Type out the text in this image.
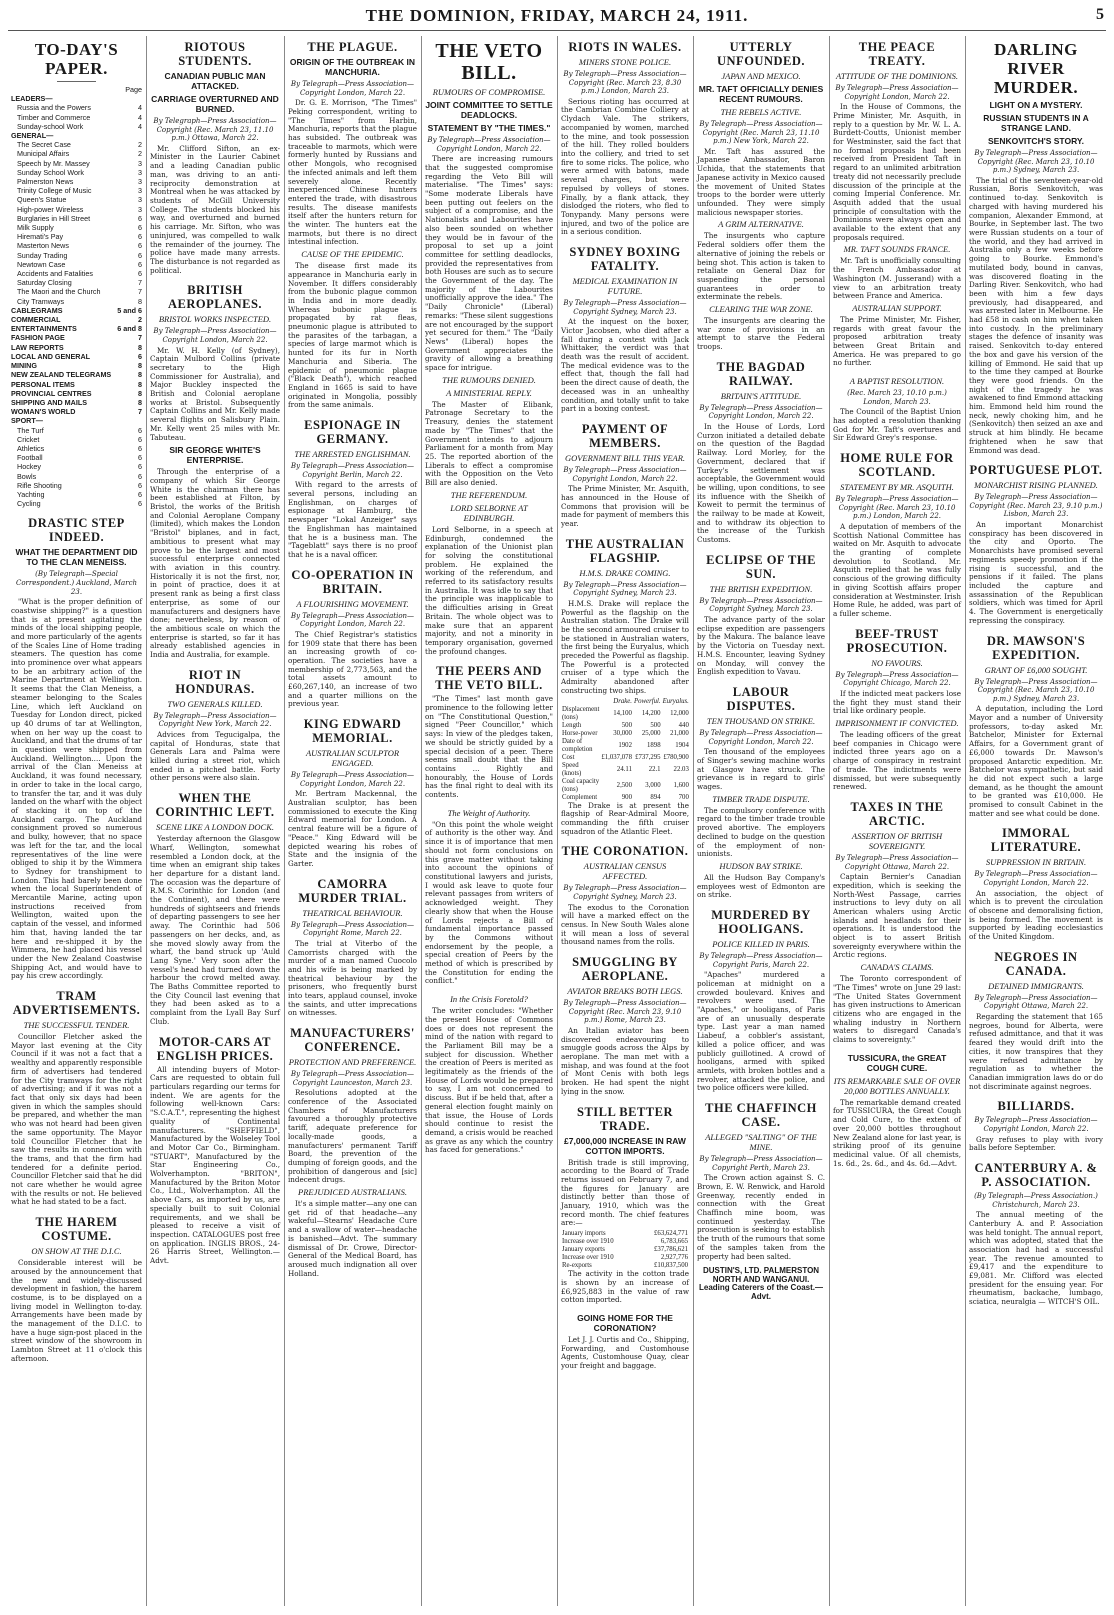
THE DOMINION, FRIDAY, MARCH 24, 1911.	5
TO-DAY'S PAPER.
Page
LEADERS—
Russia and the Powers	4
Timber and Commerce	4
Sunday-school Work	4
GENERAL—
The Secret Case	2
Municipal Affairs	2
Speech by Mr. Massey	3
Sunday School Work	3
Palmerston News	3
Trinity College of Music	3
Queen's Statue	3
High-power Wireless	3
Burglaries in Hill Street	6
Milk Supply	6
Hiremati's Pay	6
Masterton News	6
Sunday Trading	6
Newtown Case	6
Accidents and Fatalities	6
Saturday Closing	7
The Maori and the Church	7
City Tramways	8
CABLEGRAMS	5 and 6
COMMERCIAL	2
ENTERTAINMENTS	6 and 8
FASHION PAGE	7
LAW REPORTS	8
LOCAL AND GENERAL	6
MINING	8
NEW ZEALAND TELEGRAMS	8
PERSONAL ITEMS	8
PROVINCIAL CENTRES	8
SHIPPING AND MAILS	8
WOMAN'S WORLD	7
SPORT—
The Turf	6
Cricket	6
Athletics	6
Football	6
Hockey	6
Bowls	6
Rifle Shooting	6
Yachting	6
Cycling	6
DRASTIC STEP INDEED.
WHAT THE DEPARTMENT DID TO THE CLAN MENEISS.
(By Telegraph—Special Correspondent.) Auckland, March 23.

"What is the proper definition of coastwise shipping?" is a question that is at present agitating the minds of the local shipping people, and more particularly of the agents of the Scales Line of Home trading steamers. The question has come into prominence over what appears to be an arbitrary action of the Marine Department at Wellington. It seems that the Clan Meneiss, a steamer belonging to the Scales Line, which left Auckland on Tuesday for London direct, picked up 40 drums of tar at Wellington, when on her way up the coast to Auckland, and that the drums of tar in question were shipped from Auckland. Wellington.... Upon the arrival of the Clan Meneiss at Auckland, it was found necessary, in order to take in the local cargo, to transfer the tar, and it was duly landed on the wharf with the object of stacking it on top of the Auckland cargo. The Auckland consignment proved so numerous and bulky, however, that no space was left for the tar, and the local representatives of the line were obliged to ship it by the Wimmera to Sydney for transhipment to London. This had barely been done when the local Superintendent of Mercantile Marine, acting upon instructions received from Wellington, waited upon the captain of the vessel, and informed him that, having landed the tar here and re-shipped it by the Wimmera, he had placed his vessel under the New Zealand Coastwise Shipping Act, and would have to pay his crew accordingly.

TRAM ADVERTISEMENTS.
THE SUCCESSFUL TENDER.

Councillor Fletcher asked the Mayor last evening at the City Council if it was not a fact that a wealthy and apparently responsible firm of advertisers had tendered for the City tramways for the right of advertising; and if it was not a fact that only six days had been given in which the samples should be prepared, and whether the man who was not heard had been given the same opportunity. The Mayor told Councillor Fletcher that he saw the results in connection with the trams, and that the firm had tendered for a definite period. Councillor Fletcher said that he did not care whether he would agree with the results or not. He believed what he had stated to be a fact.

THE HAREM COSTUME.
ON SHOW AT THE D.I.C.

Considerable interest will be aroused by the announcement that the new and widely-discussed development in fashion, the harem costume, is to be displayed on a living model in Wellington to-day. Arrangements have been made by the management of the D.I.C. to have a huge sign-post placed in the street window of the showroom in Lambton Street at 11 o'clock this afternoon.

RIOTOUS STUDENTS.
CANADIAN PUBLIC MAN ATTACKED.
CARRIAGE OVERTURNED AND BURNED.
By Telegraph—Press Association—Copyright (Rec. March 23, 11.10 p.m.) Ottawa, March 22.

Mr. Clifford Sifton, an ex-Minister in the Laurier Cabinet and a leading Canadian public man, was driving to an anti-reciprocity demonstration at Montreal when he was attacked by students of McGill University College. The students blocked his way, and overturned and burned his carriage. Mr. Sifton, who was uninjured, was compelled to walk the remainder of the journey. The police have made many arrests. The disturbance is not regarded as political.

BRITISH AEROPLANES.
BRISTOL WORKS INSPECTED.
By Telegraph—Press Association—Copyright London, March 22.

Mr. W. H. Kelly (of Sydney), Captain Mulbord Collins (private secretary to the High Commissioner for Australia), and Major Buckley inspected the British and Colonial aeroplane works at Bristol. Subsequently Captain Collins and Mr. Kelly made several flights on Salisbury Plain. Mr. Kelly went 25 miles with Mr. Tabuteau.

SIR GEORGE WHITE'S ENTERPRISE.

Through the enterprise of a company of which Sir George White is the chairman there has been established at Filton, by Bristol, the works of the British and Colonial Aeroplane Company (limited), which makes the London "Bristol" biplanes, and in fact, ambitious to present what may prove to be the largest and most successful enterprise connected with aviation in this country. Historically it is not the first, nor, in point of practice, does it at present rank as being a first class enterprise, as some of our manufacturers and designers have done; nevertheless, by reason of the ambitious scale on which the enterprise is started, so far it has already established agencies in India and Australia, for example.

RIOT IN HONDURAS.
TWO GENERALS KILLED.
By Telegraph—Press Association—Copyright New York, March 22.

Advices from Tegucigalpa, the capital of Honduras, state that Generals Lara and Palma were killed during a street riot, which ended in a pitched battle. Forty other persons were also slain.

WHEN THE CORINTHIC LEFT.
SCENE LIKE A LONDON DOCK.

Yesterday afternoon the Glasgow Wharf, Wellington, somewhat resembled a London dock, at the time when an emigrant ship takes her departure for a distant land. The occasion was the departure of R.M.S. Corinthic for London (and the Continent), and there were hundreds of sightseers and friends of departing passengers to see her away. The Corinthic had 506 passengers on her decks, and, as she moved slowly away from the wharf, the band struck up 'Auld Lang Syne.' Very soon after the vessel's head had turned down the harbour the crowd melted away. The Baths Committee reported to the City Council last evening that they had been asked as to a complaint from the Lyall Bay Surf Club.

MOTOR-CARS AT ENGLISH PRICES.

All intending buyers of Motor-Cars are requested to obtain full particulars regarding our terms for indent. We are agents for the following well-known Cars: "S.C.A.T.", representing the highest quality of Continental manufacturers. "SHEFFIELD", Manufactured by the Wolseley Tool and Motor Car Co., Birmingham. "STUART", Manufactured by the Star Engineering Co., Wolverhampton. "BRITON", Manufactured by the Briton Motor Co., Ltd., Wolverhampton. All the above Cars, as imported by us, are specially built to suit Colonial requirements, and we shall be pleased to receive a visit of inspection. CATALOGUES post free on application. INGLIS BROS., 24-26 Harris Street, Wellington.—Advt.

THE PLAGUE.
ORIGIN OF THE OUTBREAK IN MANCHURIA.
By Telegraph—Press Association—Copyright London, March 22.

Dr. G. E. Morrison, "The Times" Peking correspondent, writing to "The Times" from Harbin, Manchuria, reports that the plague has subsided. The outbreak was traceable to marmots, which were formerly hunted by Russians and other Mongols, who recognised the infected animals and left them severely alone. Recently inexperienced Chinese hunters entered the trade, with disastrous results. The disease manifests itself after the hunters return for the winter. The hunters eat the marmots, but there is no direct intestinal infection.

CAUSE OF THE EPIDEMIC.

The disease first made its appearance in Manchuria early in November. It differs considerably from the bubonic plague common in India and in more deadly. Whereas bubonic plague is propagated by rat fleas, pneumonic plague is attributed to the parasites of the tarbagan, a species of large marmot which is hunted for its fur in North Manchuria and Siberia. The epidemic of pneumonic plague ("Black Death"), which reached England in 1665 is said to have originated in Mongolia, possibly from the same animals.

ESPIONAGE IN GERMANY.
THE ARRESTED ENGLISHMAN.
By Telegraph—Press Association—Copyright Berlin, March 22.

With regard to the arrests of several persons, including an Englishman, on charges of espionage at Hamburg, the newspaper "Lokal Anzeiger" says the Englishman has maintained that he is a business man. The "Tageblatt" says there is no proof that he is a naval officer.

CO-OPERATION IN BRITAIN.
A FLOURISHING MOVEMENT.
By Telegraph—Press Association—Copyright London, March 22.

The Chief Registrar's statistics for 1909 state that there has been an increasing growth of co-operation. The societies have a membership of 2,773,563, and the total assets amount to £60,267,140, an increase of two and a quarter millions on the previous year.

KING EDWARD MEMORIAL.
AUSTRALIAN SCULPTOR ENGAGED.
By Telegraph—Press Association—Copyright London, March 22.

Mr. Bertram Mackennal, the Australian sculptor, has been commissioned to execute the King Edward memorial for London. A central feature will be a figure of "Peace." King Edward will be depicted wearing his robes of State and the insignia of the Garter.

CAMORRA MURDER TRIAL.
THEATRICAL BEHAVIOUR.
By Telegraph—Press Association—Copyright Rome, March 22.

The trial at Viterbo of the Camorrists charged with the murder of a man named Cuocolo and his wife is being marked by theatrical behaviour by the prisoners, who frequently burst into tears, applaud counsel, invoke the saints, and utter imprecations on witnesses.

MANUFACTURERS' CONFERENCE.
PROTECTION AND PREFERENCE.
By Telegraph—Press Association—Copyright Launceston, March 23.

Resolutions adopted at the conference of the Associated Chambers of Manufacturers favoured a thoroughly protective tariff, adequate preference for locally-made goods, a manufacturers' permanent Tariff Board, the prevention of the dumping of foreign goods, and the prohibition of dangerous and [sic] indecent drugs.

PREJUDICED AUSTRALIANS.

It's a simple matter—any one can get rid of that headache—any wakeful—Stearns' Headache Cure and a swallow of water—headache is banished—Advt. The summary dismissal of Dr. Crowe, Director-General of the Medical Board, has aroused much indignation all over Holland.

THE VETO BILL.
RUMOURS OF COMPROMISE.
JOINT COMMITTEE TO SETTLE DEADLOCKS.
STATEMENT BY "THE TIMES."
By Telegraph—Press Association—Copyright London, March 22.

There are increasing rumours that the suggested compromise regarding the Veto Bill will materialise. "The Times" says: "Some moderate Liberals have been putting out feelers on the subject of a compromise, and the Nationalists and Labourites have also been sounded on whether they would be in favour of the proposal to set up a joint committee for settling deadlocks, provided the representatives from both Houses are such as to secure the Government of the day. The majority of the Labourites unofficially approve the idea." The "Daily Chronicle" (Liberal) remarks: "These silent suggestions are not encouraged by the support yet secured for them." The "Daily News" (Liberal) hopes the Government appreciates the gravity of allowing a breathing space for intrigue.

THE RUMOURS DENIED.
A MINISTERIAL REPLY.

The Master of Elibank, Patronage Secretary to the Treasury, denies the statement made by "The Times" that the Government intends to adjourn Parliament for a month from May 25. The reported abortion of the Liberals to effect a compromise with the Opposition on the Veto Bill are also denied.

THE REFERENDUM.
LORD SELBORNE AT EDINBURGH.

Lord Selborne, in a speech at Edinburgh, condemned the explanation of the Unionist plan for solving the constitutional problem. He explained the working of the referendum, and referred to its satisfactory results in Australia. It was idle to say that the principle was inapplicable to the difficulties arising in Great Britain. The whole object was to make sure that an apparent majority, and not a minority in temporary organisation, governed the profound changes.

THE PEERS AND THE VETO BILL.

"The Times" last month gave prominence to the following letter on "The Constitutional Question," signed "Peer Councillor," which says: In view of the pledges taken, we should be strictly guided by a special decision of a peer. There seems small doubt that the Bill contains ... Rightly and honourably, the House of Lords has the final right to deal with its contents.

The Weight of Authority.

"On this point the whole weight of authority is the other way. And since it is of importance that men should not form conclusions on this grave matter without taking into account the opinions of constitutional lawyers and jurists, I would ask leave to quote four relevant passages from writers of acknowledged weight. They clearly show that when the House of Lords rejects a Bill of fundamental importance passed by the Commons without endorsement by the people, a special creation of Peers by the method of which is prescribed by the Constitution for ending the conflict."

In the Crisis Foretold?

The writer concludes: "Whether the present House of Commons does or does not represent the mind of the nation with regard to the Parliament Bill may be a subject for discussion. Whether the creation of Peers is merited as legitimately as the friends of the House of Lords would be prepared to say, I am not concerned to discuss. But if be held that, after a general election fought mainly on that issue, the House of Lords should continue to resist the demand, a crisis would be reached as grave as any which the country has faced for generations."

RIOTS IN WALES.
MINERS STONE POLICE.
By Telegraph—Press Association—Copyright (Rec. March 23, 8.30 p.m.) London, March 23.

Serious rioting has occurred at the Cambrian Combine Colliery at Clydach Vale. The strikers, accompanied by women, marched to the mine, and took possession of the hill. They rolled boulders into the colliery, and tried to set fire to some ricks. The police, who were armed with batons, made several charges, but were repulsed by volleys of stones. Finally, by a flank attack, they dislodged the rioters, who fled to Tonypandy. Many persons were injured, and two of the police are in a serious condition.

SYDNEY BOXING FATALITY.
MEDICAL EXAMINATION IN FUTURE.
By Telegraph—Press Association—Copyright Sydney, March 23.

At the inquest on the boxer, Victor Jacobsen, who died after a fall during a contest with Jack Whittaker, the verdict was that death was the result of accident. The medical evidence was to the effect that, though the fall had been the direct cause of death, the deceased was in an unhealthy condition, and totally unfit to take part in a boxing contest.

PAYMENT OF MEMBERS.
GOVERNMENT BILL THIS YEAR.
By Telegraph—Press Association—Copyright London, March 22.

The Prime Minister, Mr. Asquith, has announced in the House of Commons that provision will be made for payment of members this year.

THE AUSTRALIAN FLAGSHIP.
H.M.S. DRAKE COMING.
By Telegraph—Press Association—Copyright Sydney, March 23.

H.M.S. Drake will replace the Powerful as the flagship on the Australian station. The Drake will be the second armoured cruiser to be stationed in Australian waters, the first being the Euryalus, which preceded the Powerful as flagship. The Powerful is a protected cruiser of a type which the Admiralty abandoned after constructing two ships.

	Drake.	Powerful.	Euryalus.
Displacement (tons)	14,100	14,200	12,000
Length	500	500	440
Horse-power	30,000	25,000	21,000
Date of completion	1902	1898	1904
Cost	£1,037,078	£737,295	£780,900
Speed (knots)	24.11	22.1	22.03
Coal capacity (tons)	2,500	3,000	1,600
Complement	900	894	700

The Drake is at present the flagship of Rear-Admiral Moore, commanding the fifth cruiser squadron of the Atlantic Fleet.

THE CORONATION.
AUSTRALIAN CENSUS AFFECTED.
By Telegraph—Press Association—Copyright Sydney, March 23.

The exodus to the Coronation will have a marked effect on the census. In New South Wales alone it will mean a loss of several thousand names from the rolls.

SMUGGLING BY AEROPLANE.
AVIATOR BREAKS BOTH LEGS.
By Telegraph—Press Association—Copyright (Rec. March 23, 9.10 p.m.) Rome, March 23.

An Italian aviator has been discovered endeavouring to smuggle goods across the Alps by aeroplane. The man met with a mishap, and was found at the foot of Mont Cenis with both legs broken. He had spent the night lying in the snow.

STILL BETTER TRADE.
£7,000,000 INCREASE IN RAW COTTON IMPORTS.

British trade is still improving, according to the Board of Trade returns issued on February 7, and the figures for January are distinctly better than those of January, 1910, which was the record month. The chief features are:—

January imports	£63,624,771
Increase over 1910	6,783,665
January exports	£37,786,621
Increase over 1910	2,927,776
Re-exports	£10,837,500

The activity in the cotton trade is shown by an increase of £6,925,883 in the value of raw cotton imported.

GOING HOME FOR THE CORONATION?

Let J. J. Curtis and Co., Shipping, Forwarding, and Customhouse Agents, Customhouse Quay, clear your freight and baggage.

UTTERLY UNFOUNDED.
JAPAN AND MEXICO.
MR. TAFT OFFICIALLY DENIES RECENT RUMOURS.
THE REBELS ACTIVE.
By Telegraph—Press Association—Copyright (Rec. March 23, 11.10 p.m.) New York, March 22.

Mr. Taft has assured the Japanese Ambassador, Baron Uchida, that the statements that Japanese activity in Mexico caused the movement of United States troops to the border were utterly unfounded. They were simply malicious newspaper stories.

A GRIM ALTERNATIVE.

The insurgents who capture Federal soldiers offer them the alternative of joining the rebels or being shot. This action is taken to retaliate on General Diaz for suspending the personal guarantees in order to exterminate the rebels.

CLEARING THE WAR ZONE.

The insurgents are clearing the war zone of provisions in an attempt to starve the Federal troops.

THE BAGDAD RAILWAY.
BRITAIN'S ATTITUDE.
By Telegraph—Press Association—Copyright London, March 22.

In the House of Lords, Lord Curzon initiated a detailed debate on the question of the Bagdad Railway. Lord Morley, for the Government, declared that if Turkey's settlement was acceptable, the Government would be willing, upon conditions, to see its influence with the Sheikh of Koweit to permit the terminus of the railway to be made at Koweit, and to withdraw its objection to the increase of the Turkish Customs.

ECLIPSE OF THE SUN.
THE BRITISH EXPEDITION.
By Telegraph—Press Association—Copyright Sydney, March 23.

The advance party of the solar eclipse expedition are passengers by the Makura. The balance leave by the Victoria on Tuesday next. H.M.S. Encounter, leaving Sydney on Monday, will convey the English expedition to Vavau.

LABOUR DISPUTES.
TEN THOUSAND ON STRIKE.
By Telegraph—Press Association—Copyright London, March 22.

Ten thousand of the employees of Singer's sewing machine works at Glasgow have struck. The grievance is in regard to girls' wages.

TIMBER TRADE DISPUTE.

The compulsory conference with regard to the timber trade trouble proved abortive. The employers declined to budge on the question of the employment of non-unionists.

HUDSON BAY STRIKE.

All the Hudson Bay Company's employees west of Edmonton are on strike.

MURDERED BY HOOLIGANS.
POLICE KILLED IN PARIS.
By Telegraph—Press Association—Copyright Paris, March 22.

"Apaches" murdered a policeman at midnight on a crowded boulevard. Knives and revolvers were used. The "Apaches," or hooligans, of Paris are of an unusually desperate type. Last year a man named Liabeuf, a cobbler's assistant, killed a police officer, and was publicly guillotined. A crowd of hooligans, armed with spiked armlets, with broken bottles and a revolver, attacked the police, and two police officers were killed.

THE CHAFFINCH CASE.
ALLEGED "SALTING" OF THE MINE.
By Telegraph—Press Association—Copyright Perth, March 23.

The Crown action against S. C. Brown, E. W. Renwick, and Harold Greenway, recently ended in connection with the Great Chaffinch mine boom, was continued yesterday. The prosecution is seeking to establish the truth of the rumours that some of the samples taken from the property had been salted.

DUSTIN'S, LTD. PALMERSTON NORTH AND WANGANUI. Leading Caterers of the Coast.—Advt.
THE PEACE TREATY.
ATTITUDE OF THE DOMINIONS.
By Telegraph—Press Association—Copyright London, March 22.

In the House of Commons, the Prime Minister, Mr. Asquith, in reply to a question by Mr. W. L. A. Burdett-Coutts, Unionist member for Westminster, said the fact that no formal proposals had been received from President Taft in regard to an unlimited arbitration treaty did not necessarily preclude discussion of the principle at the coming Imperial Conference. Mr. Asquith added that the usual principle of consultation with the Dominions were always open and available to the extent that any proposals required.

MR. TAFT SOUNDS FRANCE.

Mr. Taft is unofficially consulting the French Ambassador at Washington (M. Jusserand) with a view to an arbitration treaty between France and America.

AUSTRALIAN SUPPORT.

The Prime Minister, Mr. Fisher, regards with great favour the proposed arbitration treaty between Great Britain and America. He was prepared to go no further.

A BAPTIST RESOLUTION.
(Rec. March 23, 10.10 p.m.) London, March 23.

The Council of the Baptist Union has adopted a resolution thanking God for Mr. Taft's overtures and Sir Edward Grey's response.

HOME RULE FOR SCOTLAND.
STATEMENT BY MR. ASQUITH.
By Telegraph—Press Association—Copyright (Rec. March 23, 10.10 p.m.) London, March 22.

A deputation of members of the Scottish National Committee has waited on Mr. Asquith to advocate the granting of complete devolution to Scotland. Mr. Asquith replied that he was fully conscious of the growing difficulty in giving Scottish affairs proper consideration at Westminster. Irish Home Rule, he added, was part of a fuller scheme.

BEEF-TRUST PROSECUTION.
NO FAVOURS.
By Telegraph—Press Association—Copyright Chicago, March 22.

If the indicted meat packers lose the fight they must stand their trial like ordinary people.

IMPRISONMENT IF CONVICTED.

The leading officers of the great beef companies in Chicago were indicted three years ago on a charge of conspiracy in restraint of trade. The indictments were dismissed, but were subsequently renewed.

TAXES IN THE ARCTIC.
ASSERTION OF BRITISH SOVEREIGNTY.
By Telegraph—Press Association—Copyright Ottawa, March 22.

Captain Bernier's Canadian expedition, which is seeking the North-West Passage, carries instructions to levy duty on all American whalers using Arctic islands and headlands for their operations. It is understood the object is to assert British sovereignty everywhere within the Arctic regions.

CANADA'S CLAIMS.

The Toronto correspondent of "The Times" wrote on June 29 last: "The United States Government has given instructions to American citizens who are engaged in the whaling industry in Northern waters to disregard Canada's claims to sovereignty."

TUSSICURA, the GREAT COUGH CURE.
ITS REMARKABLE SALE OF OVER 20,000 BOTTLES ANNUALLY.

The remarkable demand created for TUSSICURA, the Great Cough and Cold Cure, to the extent of over 20,000 bottles throughout New Zealand alone for last year, is striking proof of its genuine medicinal value. Of all chemists, 1s. 6d., 2s. 6d., and 4s. 6d.—Advt.

DARLING RIVER MURDER.
LIGHT ON A MYSTERY.
RUSSIAN STUDENTS IN A STRANGE LAND.
SENKOVITCH'S STORY.
By Telegraph—Press Association—Copyright (Rec. March 23, 10.10 p.m.) Sydney, March 23.

The trial of the seventeen-year-old Russian, Boris Senkovitch, was continued to-day. Senkovitch is charged with having murdered his companion, Alexander Emmond, at Bourke, in September last. The two were Russian students on a tour of the world, and they had arrived in Australia only a few weeks before going to Bourke. Emmond's mutilated body, bound in canvas, was discovered floating in the Darling River. Senkovitch, who had been with him a few days previously, had disappeared, and was arrested later in Melbourne. He had £58 in cash on him when taken into custody. In the preliminary stages the defence of insanity was raised. Senkovitch to-day entered the box and gave his version of the killing of Emmond. He said that up to the time they camped at Bourke they were good friends. On the night of the tragedy he was awakened to find Emmond attacking him. Emmond held him round the neck, newly choking him, and he (Senkovitch) then seized an axe and struck at him blindly. He became frightened when he saw that Emmond was dead.

PORTUGUESE PLOT.
MONARCHIST RISING PLANNED.
By Telegraph—Press Association—Copyright (Rec. March 23, 9.10 p.m.) Lisbon, March 23.

An important Monarchist conspiracy has been discovered in the city and Oporto. The Monarchists have promised several regiments speedy promotion if the rising is successful, and the pensions if it failed. The plans included the capture and assassination of the Republican soldiers, which was timed for April 4. The Government is energetically repressing the conspiracy.

DR. MAWSON'S EXPEDITION.
GRANT OF £6,000 SOUGHT.
By Telegraph—Press Association—Copyright (Rec. March 23, 10.10 p.m.) Sydney, March 23.

A deputation, including the Lord Mayor and a number of University professors, to-day asked Mr. Batchelor, Minister for External Affairs, for a Government grant of £6,000 towards Dr. Mawson's proposed Antarctic expedition. Mr. Batchelor was sympathetic, but said he did not expect such a large demand, as he thought the amount to be granted was £10,000. He promised to consult Cabinet in the matter and see what could be done.

IMMORAL LITERATURE.
SUPPRESSION IN BRITAIN.
By Telegraph—Press Association—Copyright London, March 22.

An association, the object of which is to prevent the circulation of obscene and demoralising fiction, is being formed. The movement is supported by leading ecclesiastics of the United Kingdom.

NEGROES IN CANADA.
DETAINED IMMIGRANTS.
By Telegraph—Press Association—Copyright Ottawa, March 22.

Regarding the statement that 165 negroes, bound for Alberta, were refused admittance, and that it was feared they would drift into the cities, it now transpires that they were refused admittance by regulation as to whether the Canadian immigration laws do or do not discriminate against negroes.

BILLIARDS.
By Telegraph—Press Association—Copyright London, March 22.

Gray refuses to play with ivory balls before September.

CANTERBURY A. & P. ASSOCIATION.
(By Telegraph—Press Association.) Christchurch, March 23.

The annual meeting of the Canterbury A. and P. Association was held tonight. The annual report, which was adopted, stated that the association had had a successful year. The revenue amounted to £9,417 and the expenditure to £9,081. Mr. Clifford was elected president for the ensuing year. For rheumatism, backache, lumbago, sciatica, neuralgia — WITCH'S OIL.
